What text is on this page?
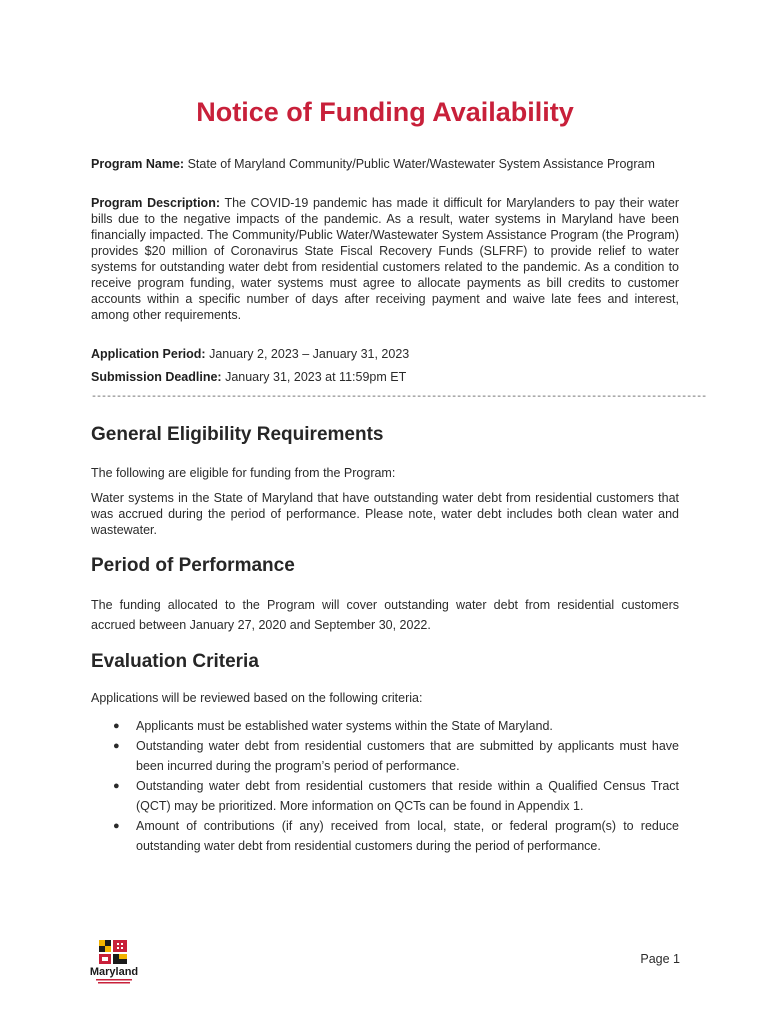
Notice of Funding Availability
Program Name: State of Maryland Community/Public Water/Wastewater System Assistance Program
Program Description: The COVID-19 pandemic has made it difficult for Marylanders to pay their water bills due to the negative impacts of the pandemic. As a result, water systems in Maryland have been financially impacted. The Community/Public Water/Wastewater System Assistance Program (the Program) provides $20 million of Coronavirus State Fiscal Recovery Funds (SLFRF) to provide relief to water systems for outstanding water debt from residential customers related to the pandemic. As a condition to receive program funding, water systems must agree to allocate payments as bill credits to customer accounts within a specific number of days after receiving payment and waive late fees and interest, among other requirements.
Application Period: January 2, 2023 – January 31, 2023
Submission Deadline: January 31, 2023 at 11:59pm ET
---------------------------------------------------------------------------------------------------------------------------
General Eligibility Requirements
The following are eligible for funding from the Program:
Water systems in the State of Maryland that have outstanding water debt from residential customers that was accrued during the period of performance. Please note, water debt includes both clean water and wastewater.
Period of Performance
The funding allocated to the Program will cover outstanding water debt from residential customers accrued between January 27, 2020 and September 30, 2022.
Evaluation Criteria
Applications will be reviewed based on the following criteria:
● Applicants must be established water systems within the State of Maryland.
● Outstanding water debt from residential customers that are submitted by applicants must have been incurred during the program’s period of performance.
● Outstanding water debt from residential customers that reside within a Qualified Census Tract (QCT) may be prioritized. More information on QCTs can be found in Appendix 1.
● Amount of contributions (if any) received from local, state, or federal program(s) to reduce outstanding water debt from residential customers during the period of performance.
Maryland
Page 1
